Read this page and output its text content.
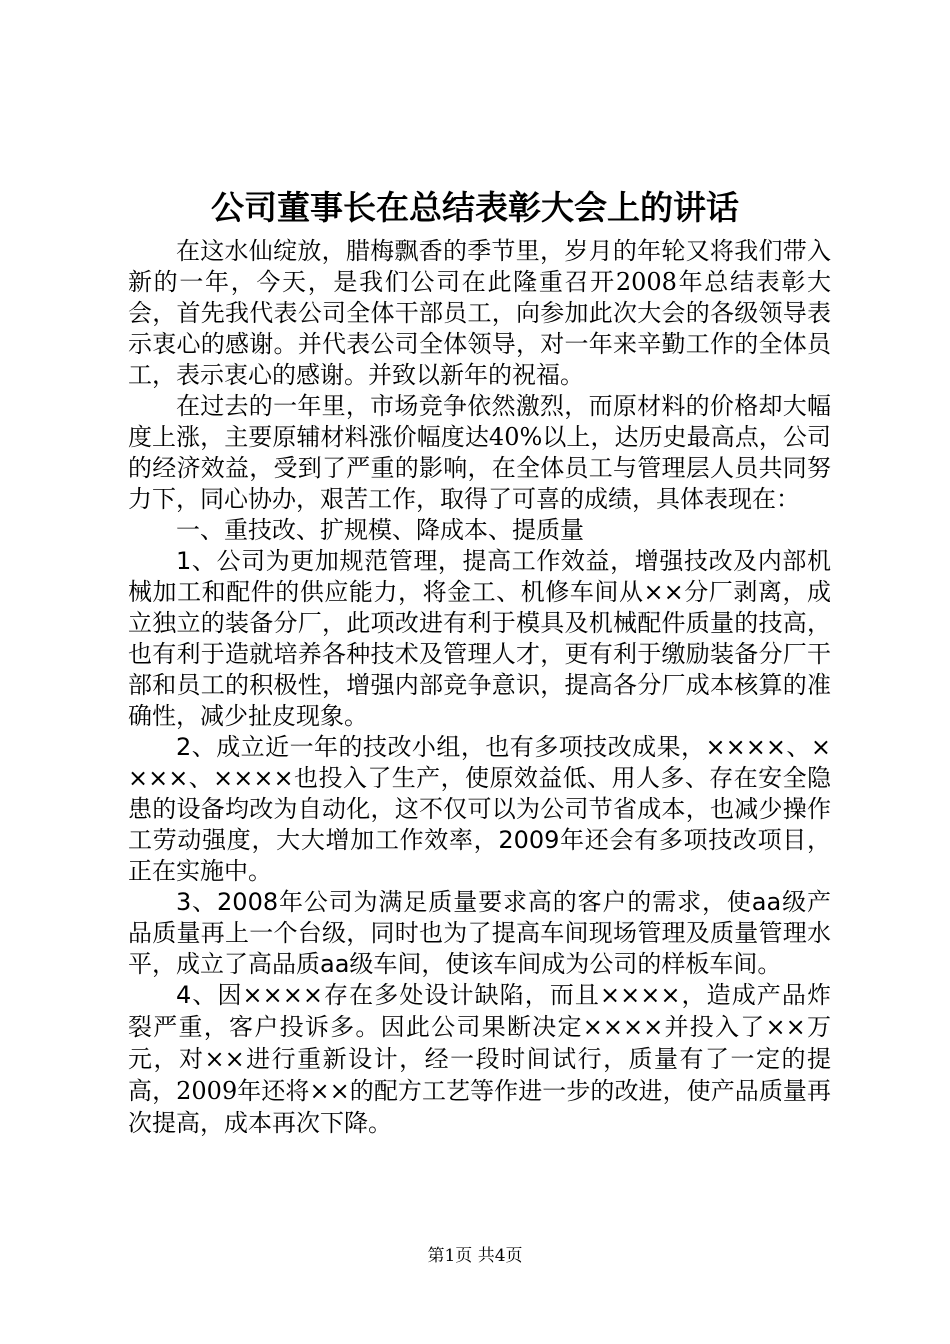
公司董事长在总结表彰大会上的讲话

在这水仙绽放，腊梅飘香的季节里，岁月的年轮又将我们带入新的一年，今天，是我们公司在此隆重召开2008年总结表彰大会，首先我代表公司全体干部员工，向参加此次大会的各级领导表示衷心的感谢。并代表公司全体领导，对一年来辛勤工作的全体员工，表示衷心的感谢。并致以新年的祝福。

在过去的一年里，市场竞争依然激烈，而原材料的价格却大幅度上涨，主要原辅材料涨价幅度达40%以上，达历史最高点，公司的经济效益，受到了严重的影响，在全体员工与管理层人员共同努力下，同心协办，艰苦工作，取得了可喜的成绩，具体表现在：

一、重技改、扩规模、降成本、提质量

1、公司为更加规范管理，提高工作效益，增强技改及内部机械加工和配件的供应能力，将金工、机修车间从××分厂剥离，成立独立的装备分厂，此项改进有利于模具及机械配件质量的技高，也有利于造就培养各种技术及管理人才，更有利于缴励装备分厂干部和员工的积极性，增强内部竞争意识，提高各分厂成本核算的准确性，减少扯皮现象。

2、成立近一年的技改小组，也有多项技改成果，××××、××××、××××也投入了生产，使原效益低、用人多、存在安全隐患的设备均改为自动化，这不仅可以为公司节省成本，也减少操作工劳动强度，大大增加工作效率，2009年还会有多项技改项目，正在实施中。

3、2008年公司为满足质量要求高的客户的需求，使aa级产品质量再上一个台级，同时也为了提高车间现场管理及质量管理水平，成立了高品质aa级车间，使该车间成为公司的样板车间。

4、因××××存在多处设计缺陷，而且××××，造成产品炸裂严重，客户投诉多。因此公司果断决定××××并投入了××万元，对××进行重新设计，经一段时间试行，质量有了一定的提高，2009年还将××的配方工艺等作进一步的改进，使产品质量再次提高，成本再次下降。

第1页 共4页
